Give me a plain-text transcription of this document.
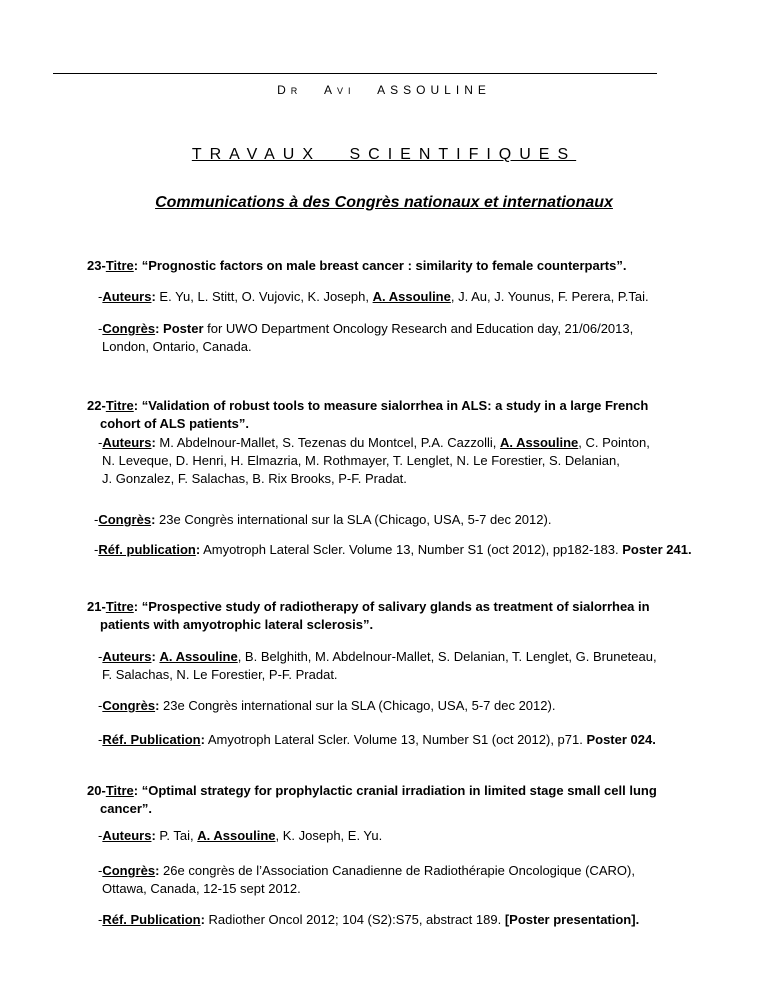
DR AVI ASSOULINE
TRAVAUX SCIENTIFIQUES
Communications à des Congrès nationaux et internationaux
23-Titre: “Prognostic factors on male breast cancer : similarity to female counterparts”.
-Auteurs: E. Yu, L. Stitt, O. Vujovic, K. Joseph, A. Assouline, J. Au, J. Younus, F. Perera, P.Tai.
-Congrès: Poster for UWO Department Oncology Research and Education day, 21/06/2013,
London, Ontario, Canada.
22-Titre: “Validation of robust tools to measure sialorrhea in ALS: a study in a large French
cohort of ALS patients”.
-Auteurs: M. Abdelnour-Mallet, S. Tezenas du Montcel, P.A. Cazzolli, A. Assouline, C. Pointon,
N. Leveque, D. Henri, H. Elmazria, M. Rothmayer, T. Lenglet, N. Le Forestier, S. Delanian,
J. Gonzalez, F. Salachas, B. Rix Brooks, P-F. Pradat.
-Congrès: 23e Congrès international sur la SLA (Chicago, USA, 5-7 dec 2012).
-Réf. publication: Amyotroph Lateral Scler. Volume 13, Number S1 (oct 2012), pp182-183. Poster 241.
21-Titre: “Prospective study of radiotherapy of salivary glands as treatment of sialorrhea in
patients with amyotrophic lateral sclerosis”.
-Auteurs: A. Assouline, B. Belghith, M. Abdelnour-Mallet, S. Delanian, T. Lenglet, G. Bruneteau,
F. Salachas, N. Le Forestier, P-F. Pradat.
-Congrès: 23e Congrès international sur la SLA (Chicago, USA, 5-7 dec 2012).
-Réf. Publication: Amyotroph Lateral Scler. Volume 13, Number S1 (oct 2012), p71. Poster 024.
20-Titre: “Optimal strategy for prophylactic cranial irradiation in limited stage small cell lung
cancer”.
-Auteurs: P. Tai, A. Assouline, K. Joseph, E. Yu.
-Congrès: 26e congrès de l’Association Canadienne de Radiothérapie Oncologique (CARO),
Ottawa, Canada, 12-15 sept 2012.
-Réf. Publication: Radiother Oncol 2012; 104 (S2):S75, abstract 189. [Poster presentation].
